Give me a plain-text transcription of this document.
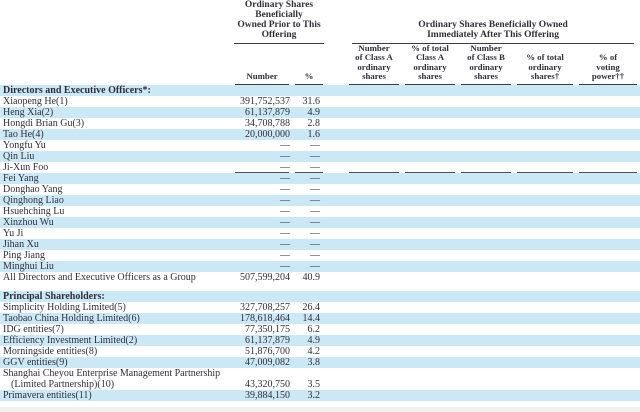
Ordinary Shares
Beneficially
Owned Prior to This
Offering

Ordinary Shares Beneficially Owned
Immediately After This Offering

Number	%

Number
of Class A
ordinary
shares

% of total
Class A
ordinary
shares

Number
of Class B
ordinary
shares

% of total
ordinary
shares†

% of
voting
power††

Directors and Executive Officers*:								
Xiaopeng He(1)	391,752,537	31.6						
Heng Xia(2)	61,137,879	4.9						
Hongdi Brian Gu(3)	34,708,788	2.8						
Tao He(4)	20,000,000	1.6						
Yongfu Yu	—	—						
Qin Liu	—	—						
Ji-Xun Foo	—	—						
Fei Yang	—	—						
Donghao Yang	—	—						
Qinghong Liao	—	—						
Hsuehching Lu	—	—						
Xinzhou Wu	—	—						
Yu Ji	—	—						
Jihan Xu	—	—						
Ping Jiang	—	—						
Minghui Liu	—	—						
All Directors and Executive Officers as a Group	507,599,204	40.9						

Principal Shareholders:								
Simplicity Holding Limited(5)	327,708,257	26.4						
Taobao China Holding Limited(6)	178,618,464	14.4						
IDG entities(7)	77,350,175	6.2						
Efficiency Investment Limited(2)	61,137,879	4.9						
Morningside entities(8)	51,876,700	4.2						
GGV entities(9)	47,009,082	3.8						

Shanghai Cheyou Enterprise Management Partnership
(Limited Partnership)(10)	43,320,750	3.5						
Primavera entities(11)	39,884,150	3.2						
